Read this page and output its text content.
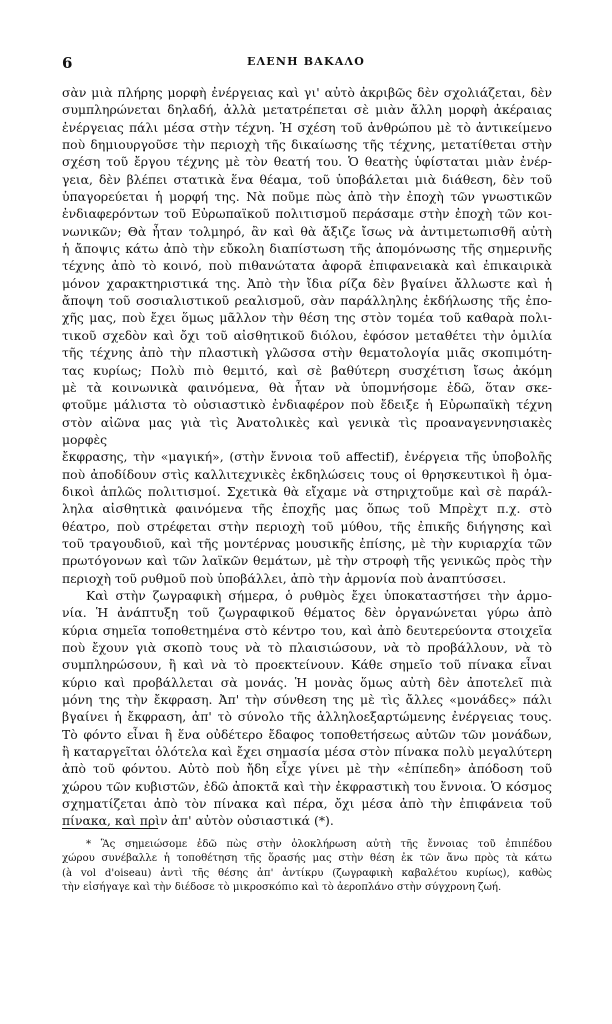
6	ΕΛΕΝΗ ΒΑΚΑΛΟ

σὰν μιὰ πλήρης μορφὴ ἐνέργειας καὶ γι' αὐτὸ ἀκριβῶς δὲν σχολιάζεται, δὲν

συμπληρώνεται δηλαδή, ἀλλὰ μετατρέπεται σὲ μιὰν ἄλλη μορφὴ ἀκέραιας

ἐνέργειας πάλι μέσα στὴν τέχνη. Ἡ σχέση τοῦ ἀνθρώπου μὲ τὸ ἀντικείμενο

ποὺ δημιουργοῦσε τὴν περιοχὴ τῆς δικαίωσης τῆς τέχνης, μετατίθεται στὴν

σχέση τοῦ ἔργου τέχνης μὲ τὸν θεατή του. Ὁ θεατὴς ὑφίσταται μιὰν ἐνέρ-

γεια, δὲν βλέπει στατικὰ ἕνα θέαμα, τοῦ ὑποβάλεται μιὰ διάθεση, δὲν τοῦ

ὑπαγορεύεται ἡ μορφή της. Νὰ ποῦμε πὼς ἀπὸ τὴν ἐποχὴ τῶν γνωστικῶν

ἐνδιαφερόντων τοῦ Εὐρωπαϊκοῦ πολιτισμοῦ περάσαμε στὴν ἐποχὴ τῶν κοι-

νωνικῶν; Θὰ ἦταν τολμηρό, ἂν καὶ θὰ ἄξιζε ἴσως νὰ ἀντιμετωπισθῆ αὐτὴ

ἡ ἄποψις κάτω ἀπὸ τὴν εὔκολη διαπίστωση τῆς ἀπομόνωσης τῆς σημερινῆς

τέχνης ἀπὸ τὸ κοινό, ποὺ πιθανώτατα ἀφορᾶ ἐπιφανειακὰ καὶ ἐπικαιρικὰ

μόνον χαρακτηριστικά της. Ἀπὸ τὴν ἴδια ρίζα δὲν βγαίνει ἄλλωστε καὶ ἡ

ἄποψη τοῦ σοσιαλιστικοῦ ρεαλισμοῦ, σὰν παράλληλης ἐκδήλωσης τῆς ἐπο-

χῆς μας, ποὺ ἔχει ὅμως μᾶλλον τὴν θέση της στὸν τομέα τοῦ καθαρὰ πολι-

τικοῦ σχεδὸν καὶ ὄχι τοῦ αἰσθητικοῦ διόλου, ἐφόσον μεταθέτει τὴν ὁμιλία

τῆς τέχνης ἀπὸ τὴν πλαστικὴ γλῶσσα στὴν θεματολογία μιᾶς σκοπιμότη-

τας κυρίως; Πολὺ πιὸ θεμιτό, καὶ σὲ βαθύτερη συσχέτιση ἴσως ἀκόμη

μὲ τὰ κοινωνικὰ φαινόμενα, θὰ ἦταν νὰ ὑπομνήσομε ἐδῶ, ὅταν σκε-

φτοῦμε μάλιστα τὸ οὐσιαστικὸ ἐνδιαφέρον ποὺ ἔδειξε ἡ Εὐρωπαϊκὴ τέχνη

στὸν αἰῶνα μας γιὰ τὶς Ἀνατολικὲς καὶ γενικὰ τὶς προαναγεννησιακὲς μορφὲς

ἔκφρασης, τὴν «μαγική», (στὴν ἔννοια τοῦ affectif), ἐνέργεια τῆς ὑποβολῆς

ποὺ ἀποδίδουν στὶς καλλιτεχνικὲς ἐκδηλώσεις τους οἱ θρησκευτικοὶ ἢ ὁμα-

δικοὶ ἁπλῶς πολιτισμοί. Σχετικὰ θὰ εἴχαμε νὰ στηριχτοῦμε καὶ σὲ παράλ-

ληλα αἰσθητικὰ φαινόμενα τῆς ἐποχῆς μας ὅπως τοῦ Μπρὲχτ π.χ. στὸ

θέατρο, ποὺ στρέφεται στὴν περιοχὴ τοῦ μύθου, τῆς ἐπικῆς διήγησης καὶ

τοῦ τραγουδιοῦ, καὶ τῆς μοντέρνας μουσικῆς ἐπίσης, μὲ τὴν κυριαρχία τῶν

πρωτόγονων καὶ τῶν λαϊκῶν θεμάτων, μὲ τὴν στροφὴ τῆς γενικῶς πρὸς τὴν

περιοχὴ τοῦ ρυθμοῦ ποὺ ὑποβάλλει, ἀπὸ τὴν ἁρμονία ποὺ ἀναπτύσσει.

Καὶ στὴν ζωγραφικὴ σήμερα, ὁ ρυθμὸς ἔχει ὑποκαταστήσει τὴν ἁρμο-

νία. Ἡ ἀνάπτυξη τοῦ ζωγραφικοῦ θέματος δὲν ὀργανώνεται γύρω ἀπὸ

κύρια σημεῖα τοποθετημένα στὸ κέντρο του, καὶ ἀπὸ δευτερεύοντα στοιχεῖα

ποὺ ἔχουν γιὰ σκοπὸ τους νὰ τὸ πλαισιώσουν, νὰ τὸ προβάλλουν, νὰ τὸ

συμπληρώσουν, ἢ καὶ νὰ τὸ προεκτείνουν. Κάθε σημεῖο τοῦ πίνακα εἶναι

κύριο καὶ προβάλλεται σὰ μονάς. Ἡ μονὰς ὅμως αὐτὴ δὲν ἀποτελεῖ πιὰ

μόνη της τὴν ἔκφραση. Ἀπ' τὴν σύνθεση της μὲ τὶς ἄλλες «μονάδες» πάλι

βγαίνει ἡ ἔκφραση, ἀπ' τὸ σύνολο τῆς ἀλληλοεξαρτώμενης ἐνέργειας τους.

Τὸ φόντο εἶναι ἢ ἕνα οὐδέτερο ἔδαφος τοποθετήσεως αὐτῶν τῶν μονάδων,

ἢ καταργεῖται ὁλότελα καὶ ἔχει σημασία μέσα στὸν πίνακα πολὺ μεγαλύτερη

ἀπὸ τοῦ φόντου. Αὐτὸ ποὺ ἤδη εἶχε γίνει μὲ τὴν «ἐπίπεδη» ἀπόδοση τοῦ

χώρου τῶν κυβιστῶν, ἐδῶ ἀποκτᾶ καὶ τὴν ἐκφραστικὴ του ἔννοια. Ὁ κόσμος

σχηματίζεται ἀπὸ τὸν πίνακα καὶ πέρα, ὄχι μέσα ἀπὸ τὴν ἐπιφάνεια τοῦ

πίνακα, καὶ πρὶν ἀπ' αὐτὸν οὐσιαστικά (*).

* Ἂς σημειώσομε ἐδῶ πὼς στὴν ὁλοκλήρωση αὐτὴ τῆς ἔννοιας τοῦ ἐπιπέδου

χώρου συνέβαλλε ἡ τοποθέτηση τῆς ὅρασής μας στὴν θέση ἐκ τῶν ἄνω πρὸς τὰ κάτω

(à vol d'oiseau) ἀντὶ τῆς θέσης ἀπ' ἀντίκρυ (ζωγραφικὴ καβαλέτου κυρίως), καθὼς

τὴν εἰσήγαγε καὶ τὴν διέδοσε τὸ μικροσκόπιο καὶ τὸ ἀεροπλάνο στὴν σύγχρονη ζωή.
